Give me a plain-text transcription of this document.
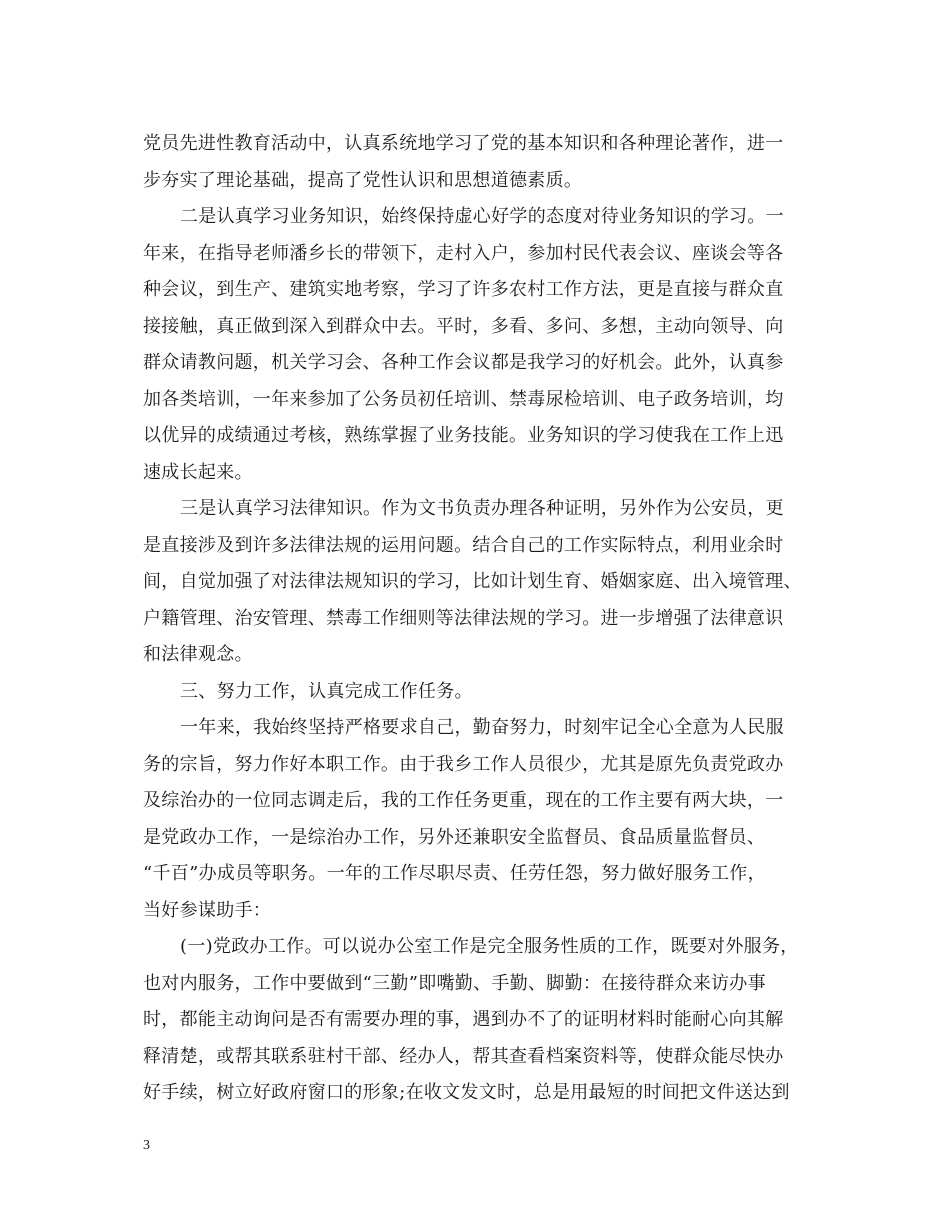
党员先进性教育活动中，认真系统地学习了党的基本知识和各种理论著作，进一
步夯实了理论基础，提高了党性认识和思想道德素质。
二是认真学习业务知识，始终保持虚心好学的态度对待业务知识的学习。一
年来，在指导老师潘乡长的带领下，走村入户，参加村民代表会议、座谈会等各
种会议，到生产、建筑实地考察，学习了许多农村工作方法，更是直接与群众直
接接触，真正做到深入到群众中去。平时，多看、多问、多想，主动向领导、向
群众请教问题，机关学习会、各种工作会议都是我学习的好机会。此外，认真参
加各类培训，一年来参加了公务员初任培训、禁毒尿检培训、电子政务培训，均
以优异的成绩通过考核，熟练掌握了业务技能。业务知识的学习使我在工作上迅
速成长起来。
三是认真学习法律知识。作为文书负责办理各种证明，另外作为公安员，更
是直接涉及到许多法律法规的运用问题。结合自己的工作实际特点，利用业余时
间，自觉加强了对法律法规知识的学习，比如计划生育、婚姻家庭、出入境管理、
户籍管理、治安管理、禁毒工作细则等法律法规的学习。进一步增强了法律意识
和法律观念。
三、努力工作，认真完成工作任务。
一年来，我始终坚持严格要求自己，勤奋努力，时刻牢记全心全意为人民服
务的宗旨，努力作好本职工作。由于我乡工作人员很少，尤其是原先负责党政办
及综治办的一位同志调走后，我的工作任务更重，现在的工作主要有两大块，一
是党政办工作，一是综治办工作，另外还兼职安全监督员、食品质量监督员、
“千百”办成员等职务。一年的工作尽职尽责、任劳任怨，努力做好服务工作，
当好参谋助手：
(一)党政办工作。可以说办公室工作是完全服务性质的工作，既要对外服务，
也对内服务，工作中要做到“三勤”即嘴勤、手勤、脚勤：在接待群众来访办事
时，都能主动询问是否有需要办理的事，遇到办不了的证明材料时能耐心向其解
释清楚，或帮其联系驻村干部、经办人，帮其查看档案资料等，使群众能尽快办
好手续，树立好政府窗口的形象;在收文发文时，总是用最短的时间把文件送达到
3
